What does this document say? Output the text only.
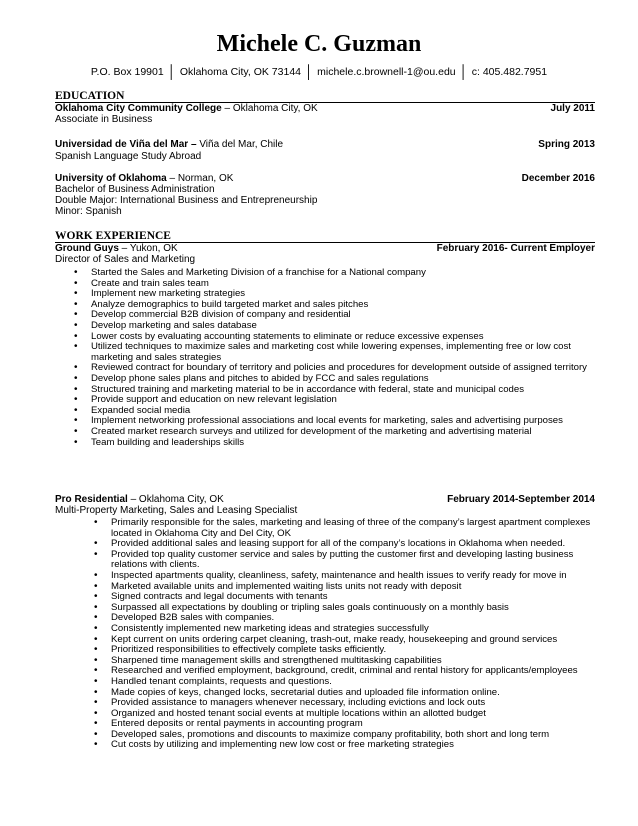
Michele C. Guzman
P.O. Box 19901 │ Oklahoma City, OK 73144 │ michele.c.brownell-1@ou.edu │ c: 405.482.7951
EDUCATION
Oklahoma City Community College – Oklahoma City, OK	July 2011
Associate in Business
Universidad de Viña del Mar – Viña del Mar, Chile	Spring 2013
Spanish Language Study Abroad
University of Oklahoma – Norman, OK	December 2016
Bachelor of Business Administration
Double Major: International Business and Entrepreneurship
Minor: Spanish
WORK EXPERIENCE
Ground Guys – Yukon, OK	February 2016- Current Employer
Director of Sales and Marketing
• Started the Sales and Marketing Division of a franchise for a National company
• Create and train sales team
• Implement new marketing strategies
• Analyze demographics to build targeted market and sales pitches
• Develop commercial B2B division of company and residential
• Develop marketing and sales database
• Lower costs by evaluating accounting statements to eliminate or reduce excessive expenses
• Utilized techniques to maximize sales and marketing cost while lowering expenses, implementing free or low cost marketing and sales strategies
• Reviewed contract for boundary of territory and policies and procedures for development outside of assigned territory
• Develop phone sales plans and pitches to abided by FCC and sales regulations
• Structured training and marketing material to be in accordance with federal, state and municipal codes
• Provide support and education on new relevant legislation
• Expanded social media
• Implement networking professional associations and local events for marketing, sales and advertising purposes
• Created market research surveys and utilized for development of the marketing and advertising material
• Team building and leaderships skills
Pro Residential – Oklahoma City, OK	February 2014-September 2014
Multi-Property Marketing, Sales and Leasing Specialist
• Primarily responsible for the sales, marketing and leasing of three of the company’s largest apartment complexes located in Oklahoma City and Del City, OK
• Provided additional sales and leasing support for all of the company’s locations in Oklahoma when needed.
• Provided top quality customer service and sales by putting the customer first and developing lasting business relations with clients.
• Inspected apartments quality, cleanliness, safety, maintenance and health issues to verify ready for move in
• Marketed available units and implemented waiting lists units not ready with deposit
• Signed contracts and legal documents with tenants
• Surpassed all expectations by doubling or tripling sales goals continuously on a monthly basis
• Developed B2B sales with companies.
• Consistently implemented new marketing ideas and strategies successfully
• Kept current on units ordering carpet cleaning, trash-out, make ready, housekeeping and ground services
• Prioritized responsibilities to effectively complete tasks efficiently.
• Sharpened time management skills and strengthened multitasking capabilities
• Researched and verified employment, background, credit, criminal and rental history for applicants/employees
• Handled tenant complaints, requests and questions.
• Made copies of keys, changed locks, secretarial duties and uploaded file information online.
• Provided assistance to managers whenever necessary, including evictions and lock outs
• Organized and hosted tenant social events at multiple locations within an allotted budget
• Entered deposits or rental payments in accounting program
• Developed sales, promotions and discounts to maximize company profitability, both short and long term
• Cut costs by utilizing and implementing new low cost or free marketing strategies
